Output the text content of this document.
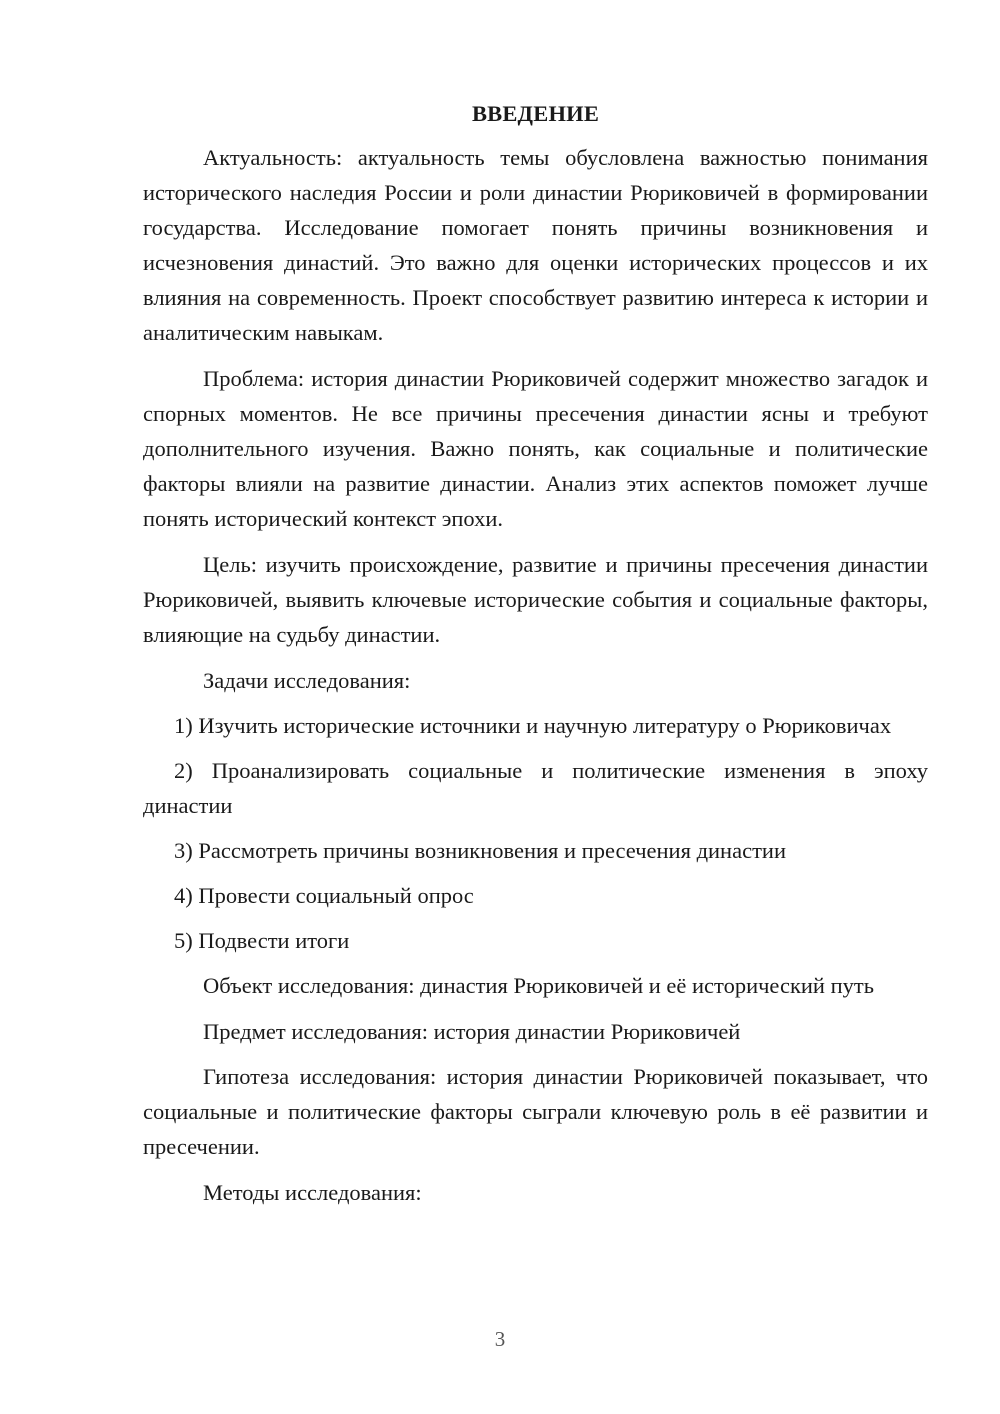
ВВЕДЕНИЕ

Актуальность: актуальность темы обусловлена важностью понимания исторического наследия России и роли династии Рюриковичей в формировании государства. Исследование помогает понять причины возникновения и исчезновения династий. Это важно для оценки исторических процессов и их влияния на современность. Проект способствует развитию интереса к истории и аналитическим навыкам.

Проблема: история династии Рюриковичей содержит множество загадок и спорных моментов. Не все причины пресечения династии ясны и требуют дополнительного изучения. Важно понять, как социальные и политические факторы влияли на развитие династии. Анализ этих аспектов поможет лучше понять исторический контекст эпохи.

Цель: изучить происхождение, развитие и причины пресечения династии Рюриковичей, выявить ключевые исторические события и социальные факторы, влияющие на судьбу династии.

Задачи исследования:

1) Изучить исторические источники и научную литературу о Рюриковичах

2) Проанализировать социальные и политические изменения в эпоху династии

3) Рассмотреть причины возникновения и пресечения династии

4) Провести социальный опрос

5) Подвести итоги

Объект исследования: династия Рюриковичей и её исторический путь

Предмет исследования: история династии Рюриковичей

Гипотеза исследования: история династии Рюриковичей показывает, что социальные и политические факторы сыграли ключевую роль в её развитии и пресечении.

Методы исследования:

3
